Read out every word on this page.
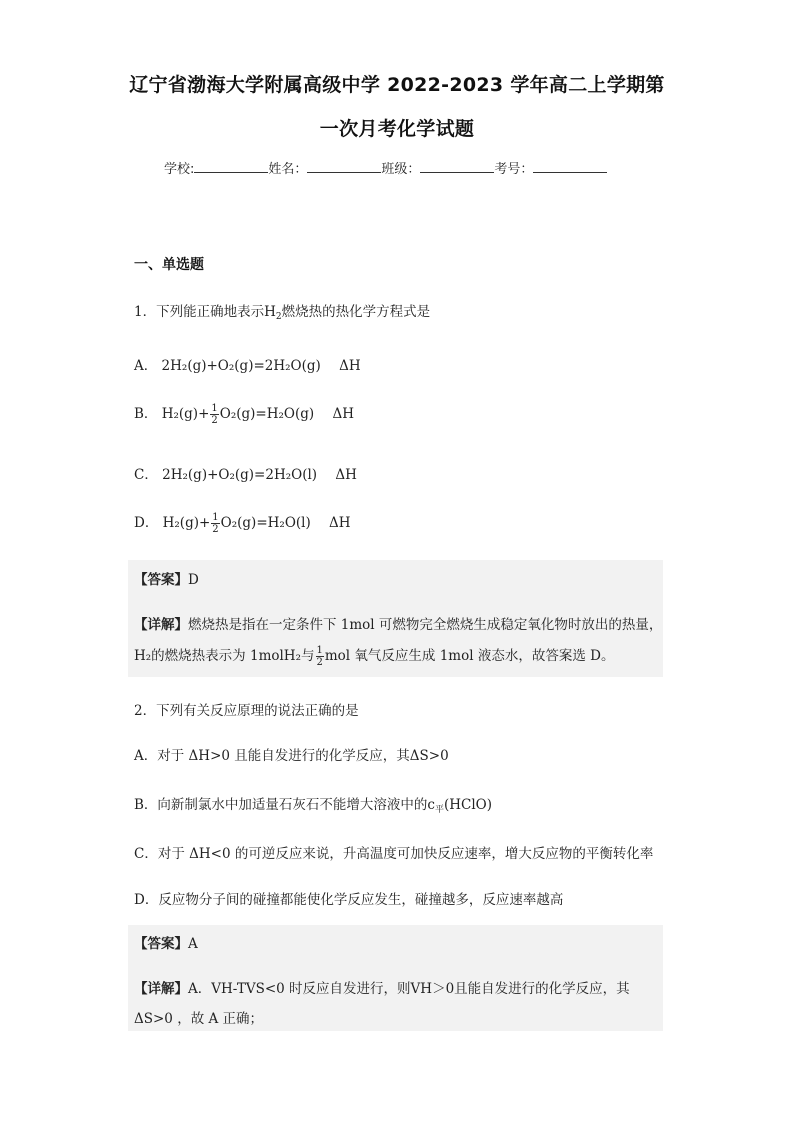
辽宁省渤海大学附属高级中学 2022-2023 学年高二上学期第
一次月考化学试题
学校:	姓名：	班级：	考号：
一、单选题
1．下列能正确地表示$H_2$燃烧热的热化学方程式是
A． 2H₂(g)+O₂(g)=2H₂O(g) ΔH
B． $H_2(g)+ \frac{1}{2} O_2(g)=H_2O(g)$ ΔH
C． 2H₂(g)+O₂(g)=2H₂O(l) ΔH
D． $H_2(g)+ \frac{1}{2} O_2(g)=H_2O(l)$ ΔH
【答案】D
【详解】燃烧热是指在一定条件下 1mol 可燃物完全燃烧生成稳定氧化物时放出的热量，
H₂的燃烧热表示为 1molH₂与 $\frac{1}{2}$ mol 氧气反应生成 1mol 液态水，故答案选 D。
2．下列有关反应原理的说法正确的是
A．对于 ΔH>0 且能自发进行的化学反应，其ΔS>0
B．向新制氯水中加适量石灰石不能增大溶液中的$c_平(HClO)$
C．对于 ΔH<0 的可逆反应来说，升高温度可加快反应速率，增大反应物的平衡转化率
D．反应物分子间的碰撞都能使化学反应发生，碰撞越多，反应速率越高
【答案】A
【详解】A．VH-TVS<0 时反应自发进行，则VH＞0且能自发进行的化学反应，其
ΔS>0 ，故 A 正确；
